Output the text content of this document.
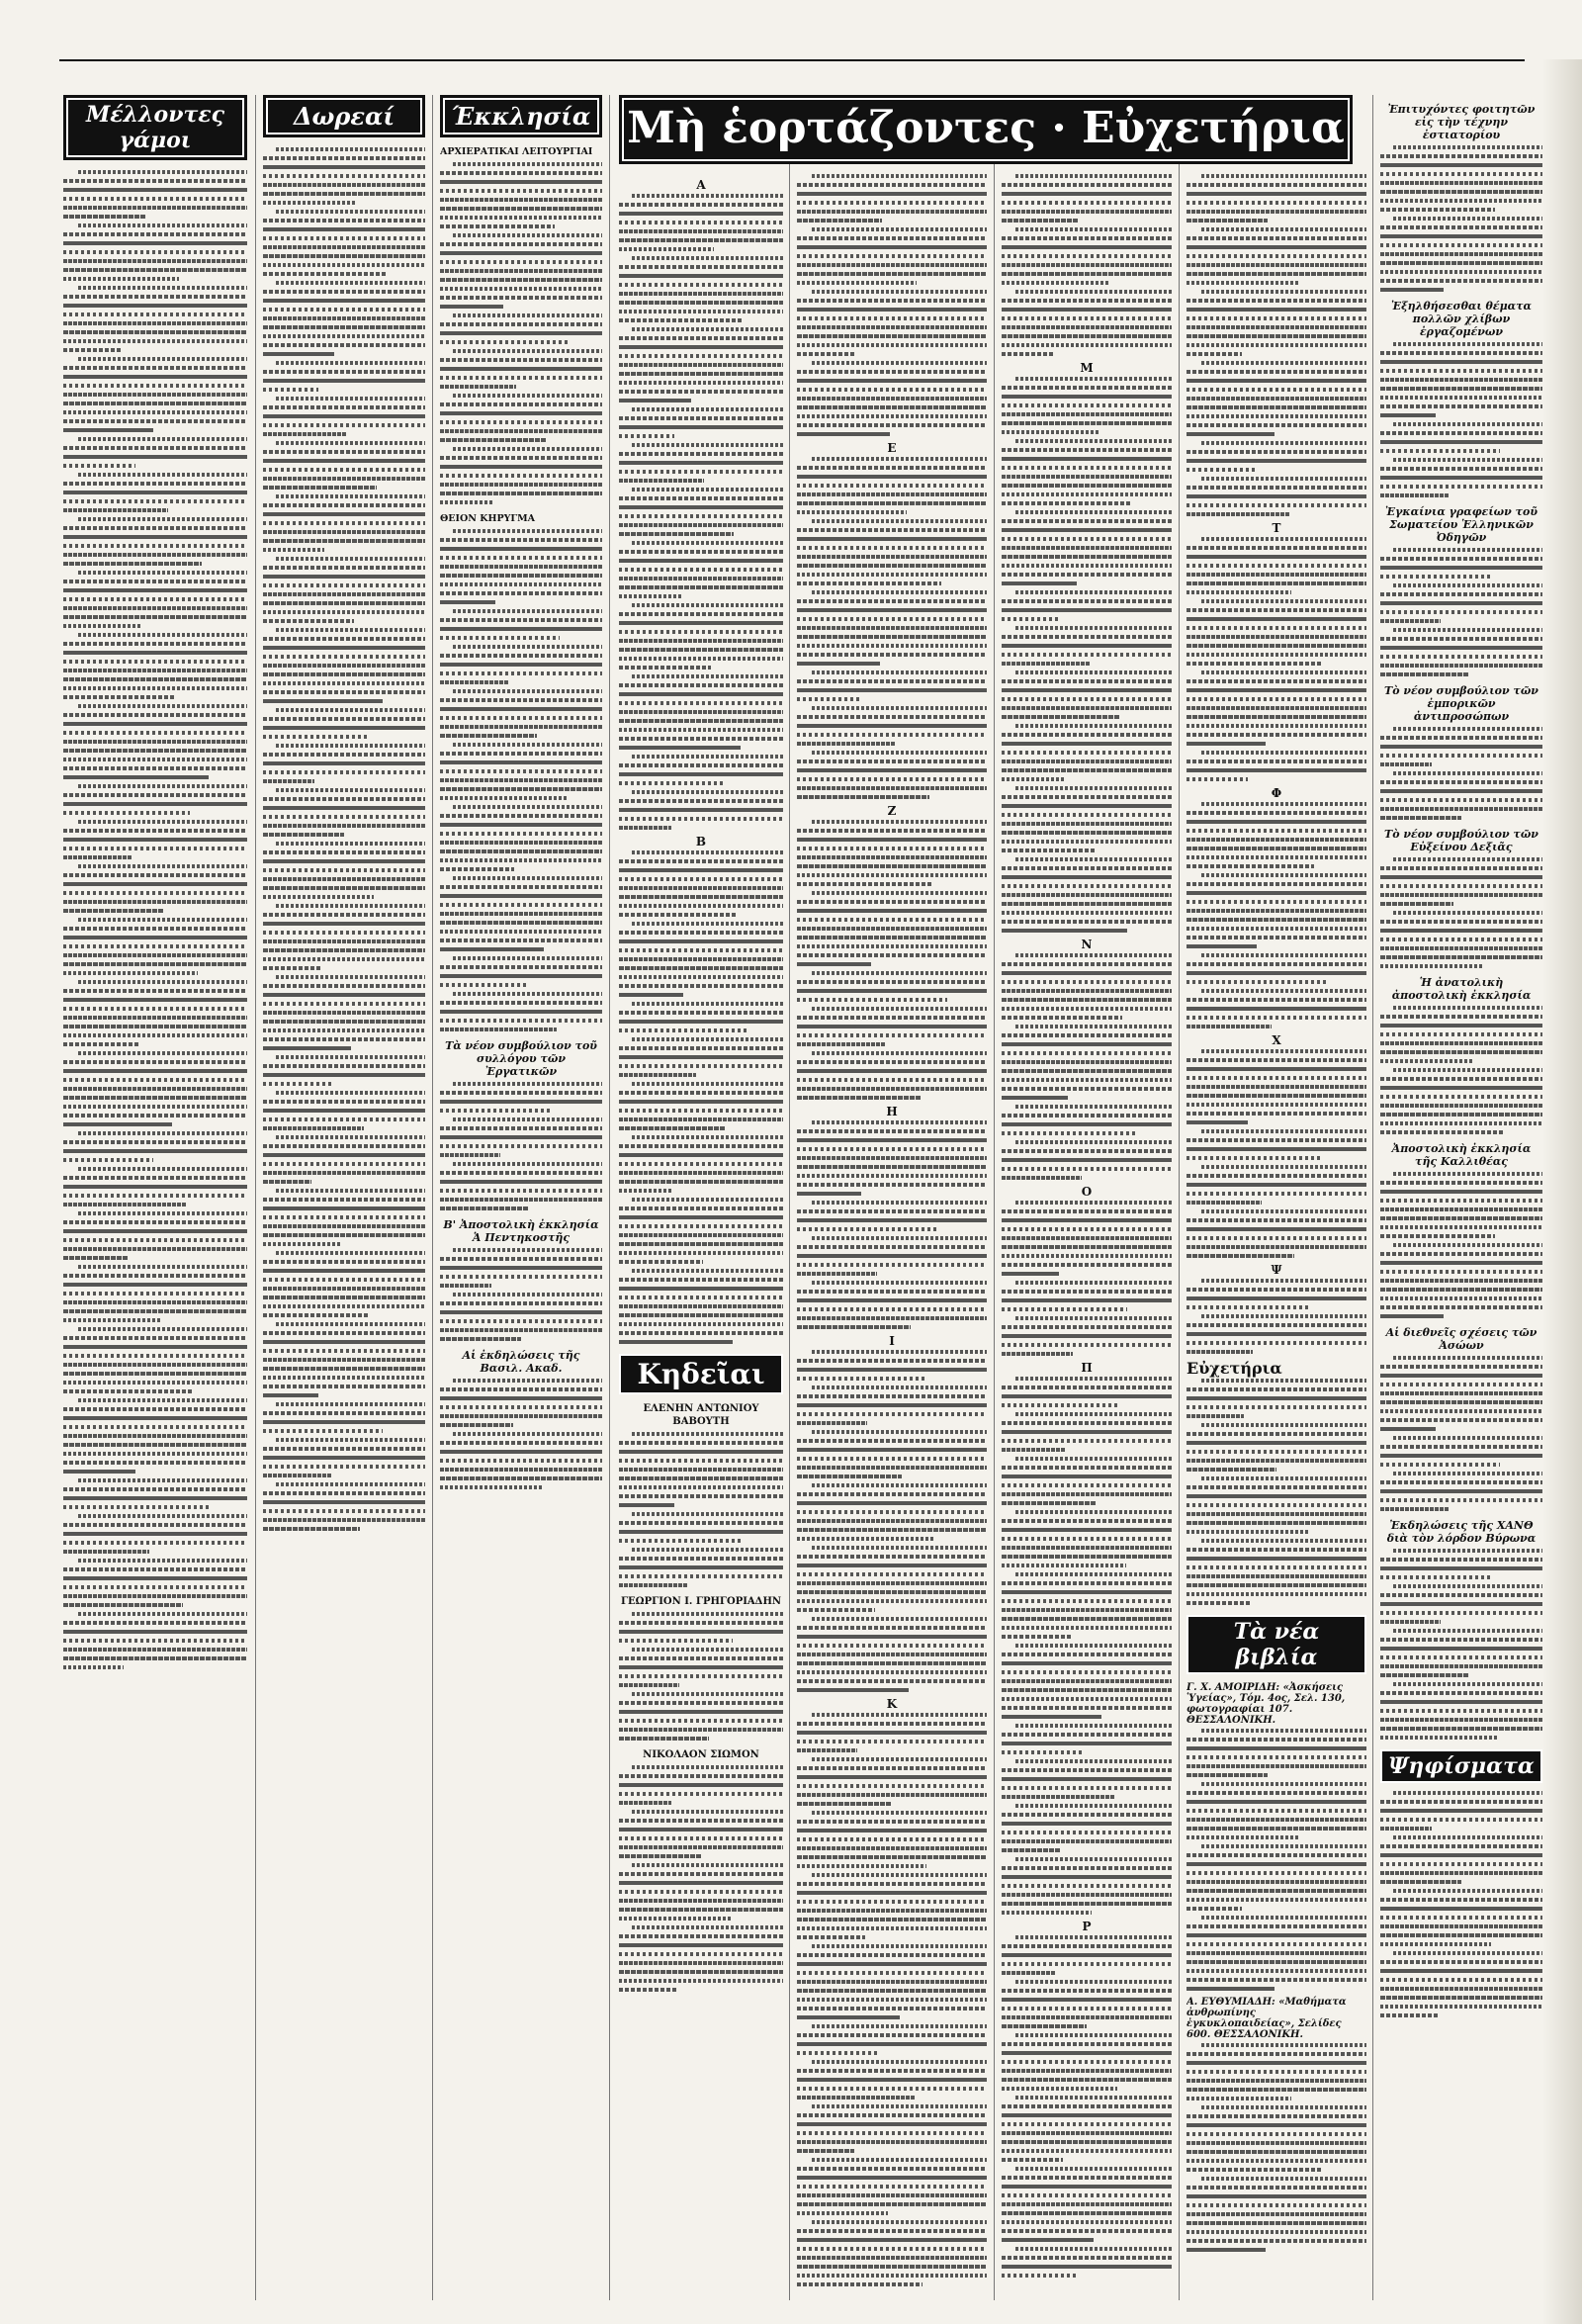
Μέλλοντες γάμοι
Δωρεαί	Έκκλησία
ΑΡΧΙΕΡΑΤΙΚΑΙ ΛΕΙΤΟΥΡΓΙΑΙ
ΘΕΙΟΝ ΚΗΡΥΓΜΑ
Τὰ νέον συμβούλιον τοῦ συλλόγου τῶν Ἐργατικῶν
Β' Ἀποστολικὴ ἐκκλησία Ἁ Πεντηκοστῆς
Αἱ ἐκδηλώσεις τῆς Βασιλ. Ακαδ.
Μὴ ἑορτάζοντες · Εὐχετήρια
Α
Β
Κηδεῖαι
ΕΛΕΝΗΝ ΑΝΤΩΝΙΟΥ ΒΑΒΟΥΤΗ
ΓΕΩΡΓΙΟΝ Ι. ΓΡΗΓΟΡΙΑΔΗΝ
ΝΙΚΟΛΑΟΝ ΣΙΩΜΟΝ
Ε
Ζ
Η
Ι
Κ
Μ
Ν
Ο
Π
Ρ
Τ
Φ
Χ
Ψ
Εὐχετήρια
Τὰ νέα βιβλία
Γ. Χ. ΑΜΟΙΡΙΔΗ: «Ἀσκήσεις Ὑγείας», Τόμ. 4ος, Σελ. 130, φωτογραφίαι 107. ΘΕΣΣΑΛΟΝΙΚΗ.
Α. ΕΥΘΥΜΙΑΔΗ: «Μαθήματα ἀνθρωπίνης ἐγκυκλοπαιδείας», Σελίδες 600. ΘΕΣΣΑΛΟΝΙΚΗ.
Ἐπιτυχόντες φοιτητῶν εἰς τὴν τέχνην ἐστιατορίου
Ἐξηλθήσεσθαι θέματα πολλῶν χλίβων ἐργαζομένων
Ἐγκαίνια γραφείων τοῦ Σωματείου Ἑλληνικῶν Ὀδηγῶν
Τὸ νέον συμβούλιον τῶν ἐμπορικῶν ἀντιπροσώπων
Τὸ νέον συμβούλιον τῶν Εὐξείνου Δεξιᾶς
Ἡ ἀνατολικὴ ἀποστολικὴ ἐκκλησία
Ἀποστολικὴ ἐκκλησία τῆς Καλλιθέας
Αἱ διεθνεῖς σχέσεις τῶν Ἀσώων
Ἐκδηλώσεις τῆς ΧΑΝΘ διὰ τὸν λόρδον Βύρωνα
Ψηφίσματα
